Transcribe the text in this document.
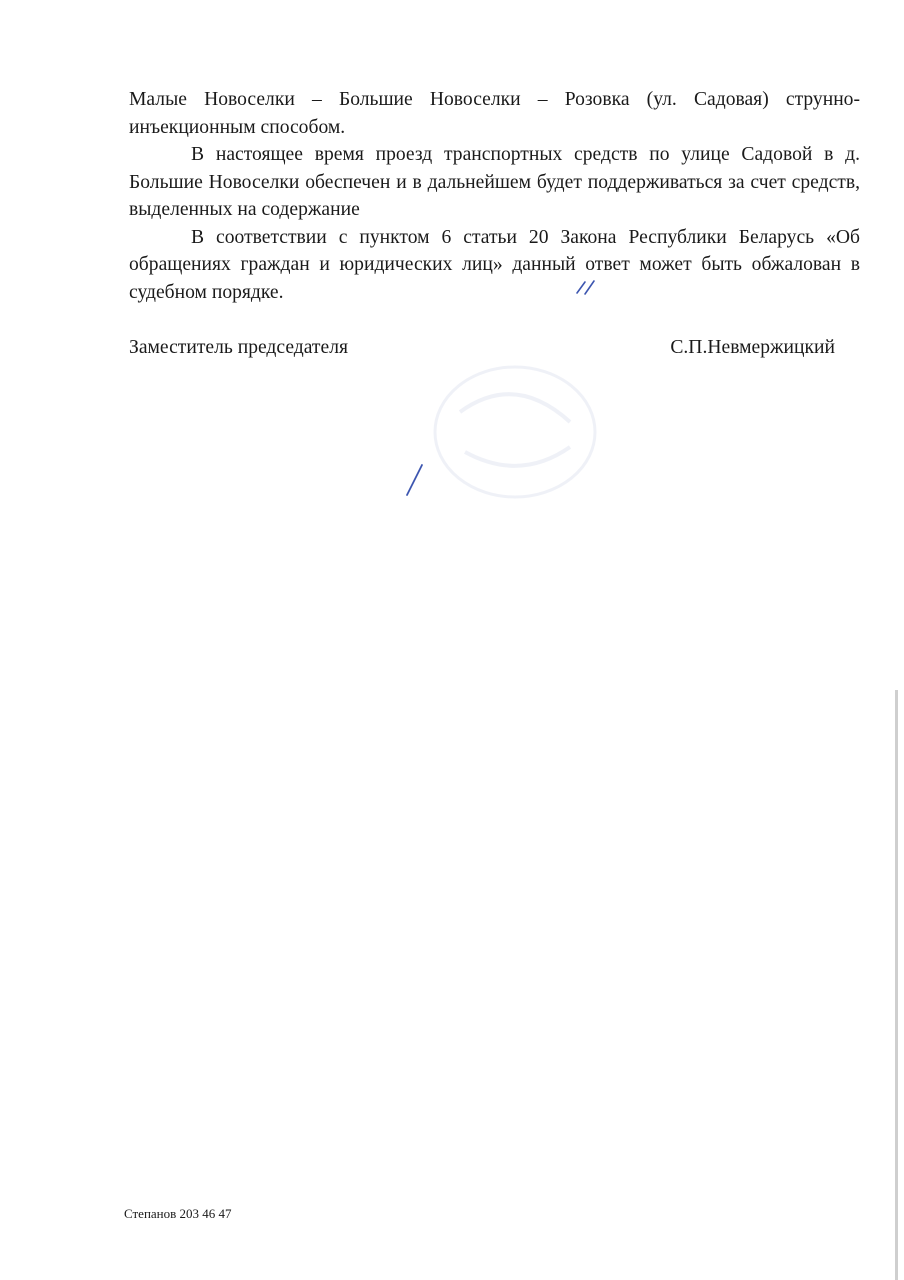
Малые Новоселки – Большие Новоселки – Розовка (ул. Садовая) струнно-инъекционным способом.

В настоящее время проезд транспортных средств по улице Садовой в д. Большие Новоселки обеспечен и в дальнейшем будет поддерживаться за счет средств, выделенных на содержание

В соответствии с пунктом 6 статьи 20 Закона Республики Беларусь «Об обращениях граждан и юридических лиц» данный ответ может быть обжалован в судебном порядке.

Заместитель председателя	С.П.Невмержицкий
Степанов 203 46 47
